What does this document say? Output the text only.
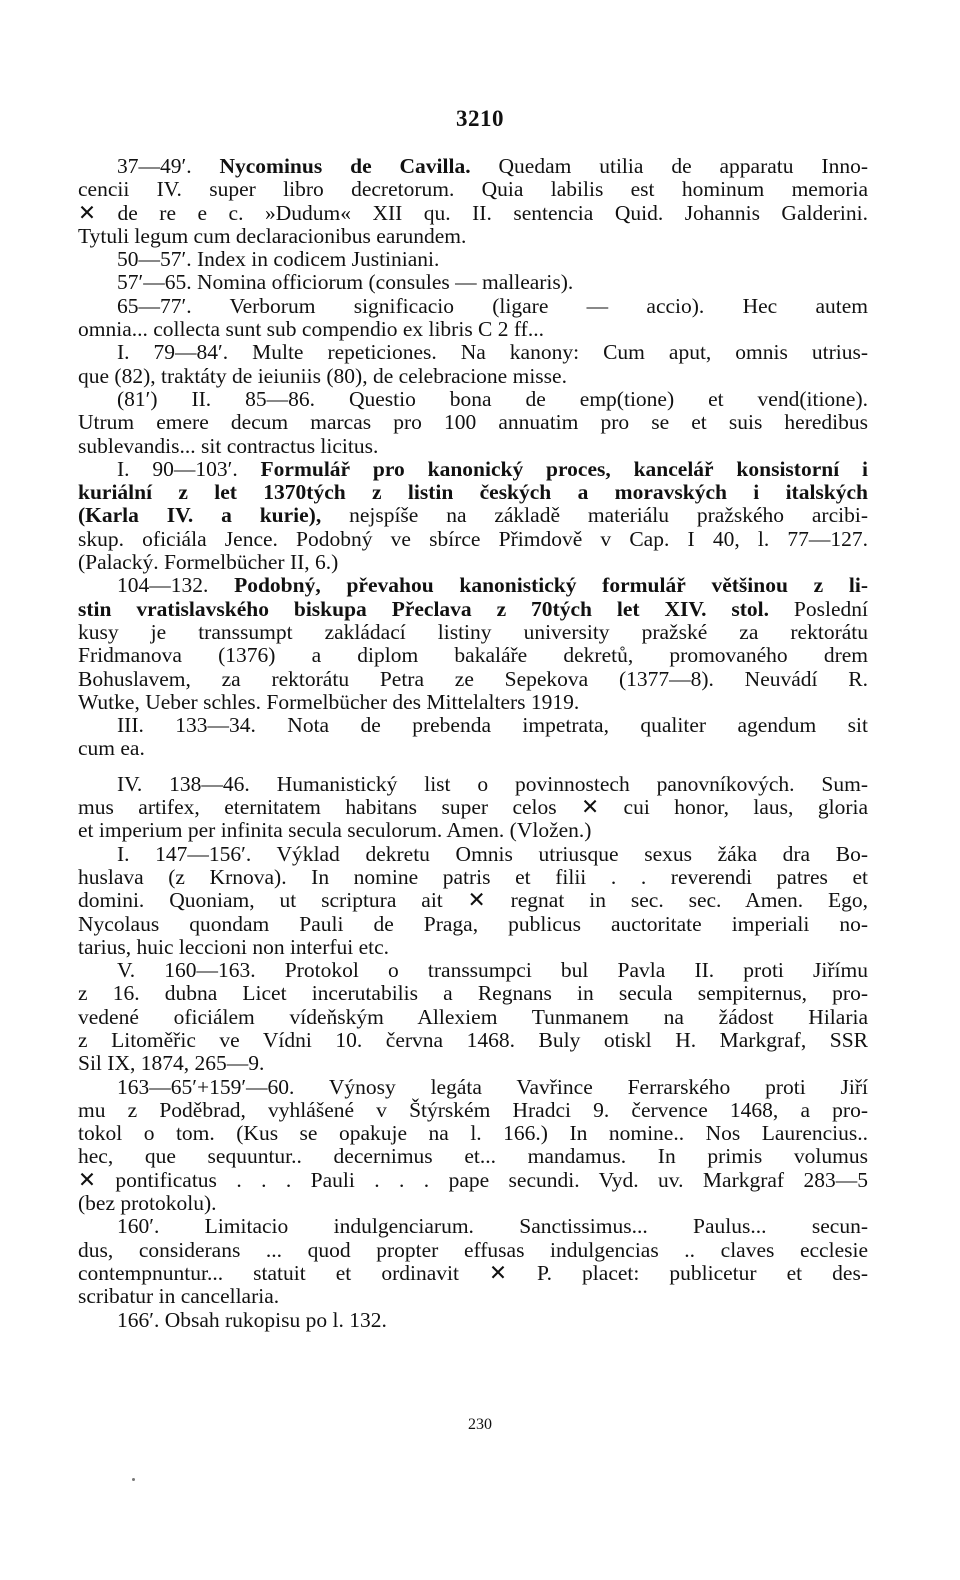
3210
37—49′. Nycominus de Cavilla. Quedam utilia de apparatu Inno-
cencii IV. super libro decretorum. Quia labilis est hominum memoria
✕ de re e c. »Dudum« XII qu. II. sentencia Quid. Johannis Galderini.
Tytuli legum cum declaracionibus earundem.
50—57′. Index in codicem Justiniani.
57′—65. Nomina officiorum (consules — mallearis).
65—77′. Verborum significacio (ligare — accio). Hec autem
omnia... collecta sunt sub compendio ex libris C 2 ff...
I. 79—84′. Multe repeticiones. Na kanony: Cum aput, omnis utrius-
que (82), traktáty de ieiuniis (80), de celebracione misse.
(81′) II. 85—86. Questio bona de emp(tione) et vend(itione).
Utrum emere decum marcas pro 100 annuatim pro se et suis heredibus
sublevandis... sit contractus licitus.
I. 90—103′. Formulář pro kanonický proces, kancelář konsistorní i
kuriální z let 1370tých z listin českých a moravských i italských
(Karla IV. a kurie), nejspíše na základě materiálu pražského arcibi-
skup. oficiála Jence. Podobný ve sbírce Přimdově v Cap. I 40, l. 77—127.
(Palacký. Formelbücher II, 6.)
104—132. Podobný, převahou kanonistický formulář většinou z li-
stin vratislavského biskupa Přeclava z 70tých let XIV. stol. Poslední
kusy je transsumpt zakládací listiny university pražské za rektorátu
Fridmanova (1376) a diplom bakaláře dekretů, promovaného drem
Bohuslavem, za rektorátu Petra ze Sepekova (1377—8). Neuvádí R.
Wutke, Ueber schles. Formelbücher des Mittelalters 1919.
III. 133—34. Nota de prebenda impetrata, qualiter agendum sit
cum ea.
IV. 138—46. Humanistický list o povinnostech panovníkových. Sum-
mus artifex, eternitatem habitans super celos ✕ cui honor, laus, gloria
et imperium per infinita secula seculorum. Amen. (Vložen.)
I. 147—156′. Výklad dekretu Omnis utriusque sexus žáka dra Bo-
huslava (z Krnova). In nomine patris et filii . . reverendi patres et
domini. Quoniam, ut scriptura ait ✕ regnat in sec. sec. Amen. Ego,
Nycolaus quondam Pauli de Praga, publicus auctoritate imperiali no-
tarius, huic leccioni non interfui etc.
V. 160—163. Protokol o transsumpci bul Pavla II. proti Jiřímu
z 16. dubna Licet incerutabilis a Regnans in secula sempiternus, pro-
vedené oficiálem vídeňským Allexiem Tunmanem na žádost Hilaria
z Litoměřic ve Vídni 10. června 1468. Buly otiskl H. Markgraf, SSR
Sil IX, 1874, 265—9.
163—65′+159′—60. Výnosy legáta Vavřince Ferrarského proti Jiří
mu z Poděbrad, vyhlášené v Štýrském Hradci 9. července 1468, a pro-
tokol o tom. (Kus se opakuje na l. 166.) In nomine.. Nos Laurencius..
hec, que sequuntur.. decernimus et... mandamus. In primis volumus
✕ pontificatus . . . Pauli . . . pape secundi. Vyd. uv. Markgraf 283—5
(bez protokolu).
160′. Limitacio indulgenciarum. Sanctissimus... Paulus... secun-
dus, considerans ... quod propter effusas indulgencias .. claves ecclesie
contempnuntur... statuit et ordinavit ✕ P. placet: publicetur et des-
scribatur in cancellaria.
166′. Obsah rukopisu po l. 132.
230
